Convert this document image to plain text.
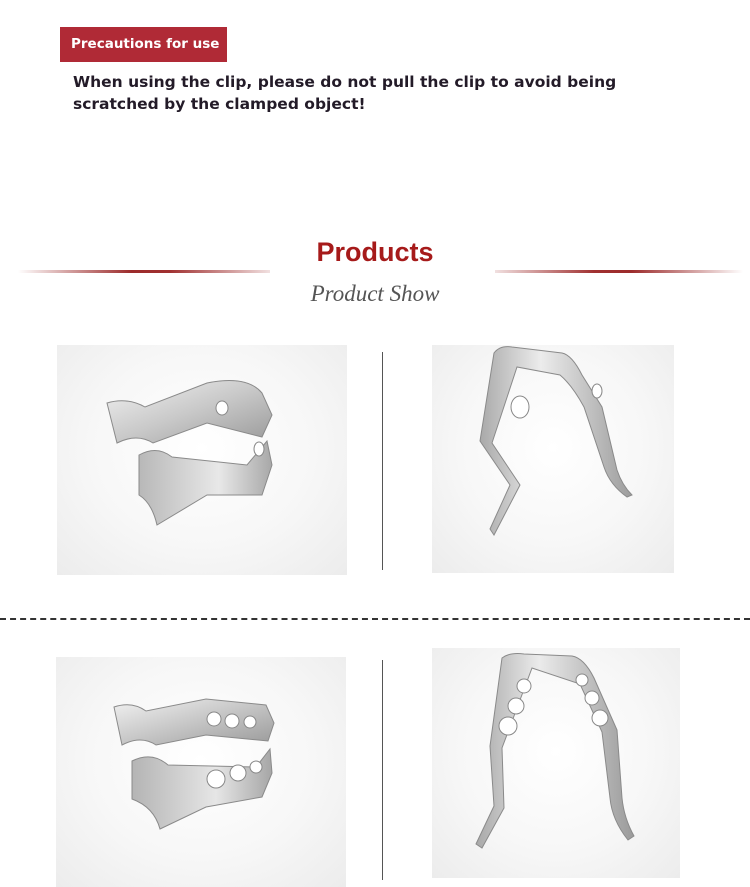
Precautions for use
When using the clip, please do not pull the clip to avoid being scratched by the clamped object!
Products
Product Show
